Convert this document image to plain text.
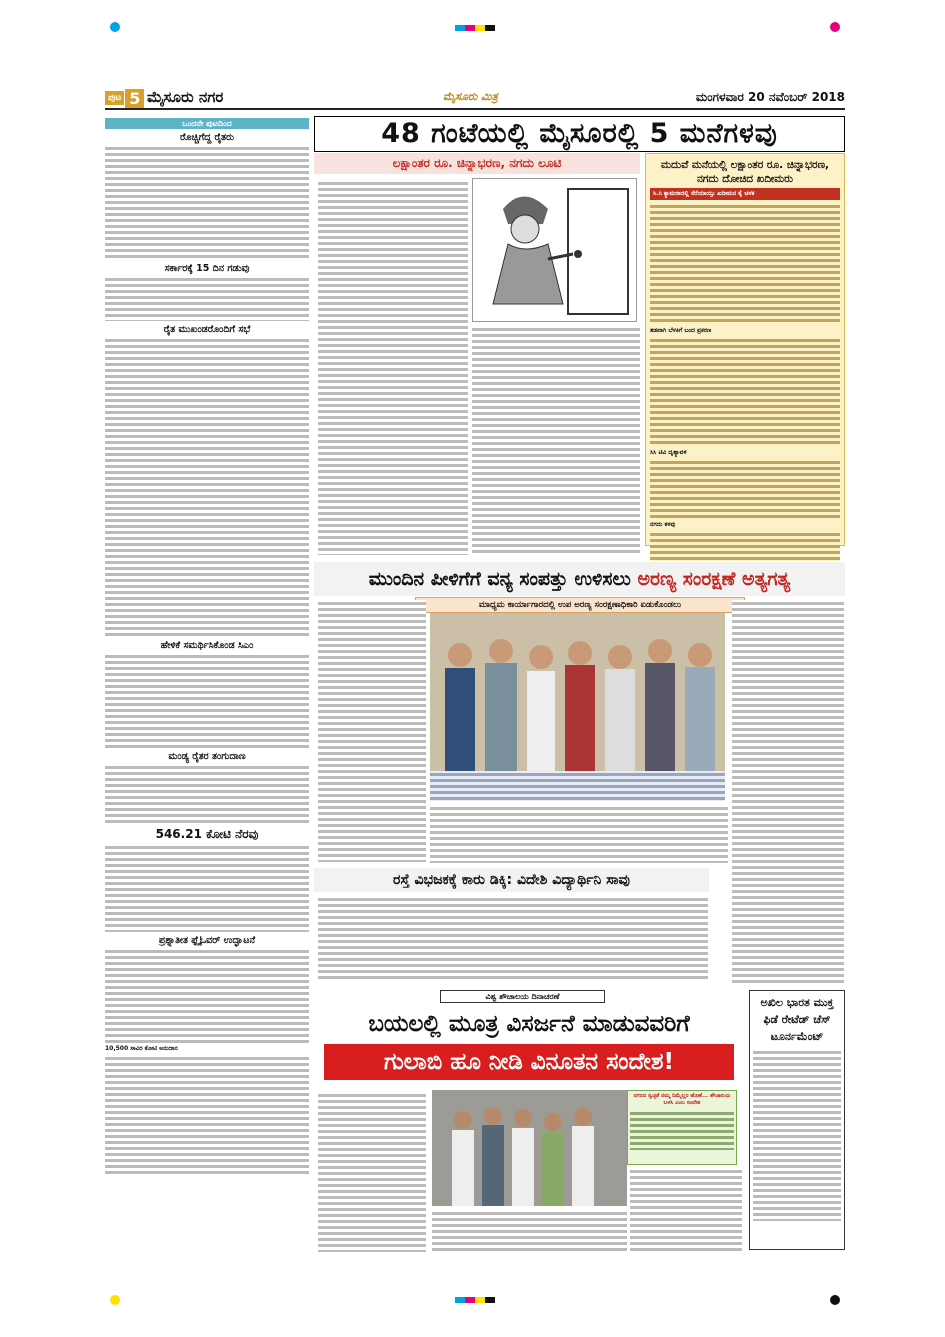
ಪುಟ 5 ಮೈಸೂರು ನಗರ	ಮೈಸೂರು ಮಿತ್ರ	ಮಂಗಳವಾರ 20 ನವೆಂಬರ್ 2018
ಒಂದನೇ ಪುಟದಿಂದ
ರೊಚ್ಚಿಗೆದ್ದ ರೈತರು
ಸರ್ಕಾರಕ್ಕೆ 15 ದಿನ ಗಡುವು
ರೈತ ಮುಖಂಡರೊಂದಿಗೆ ಸಭೆ
ಹೇಳಿಕೆ ಸಮರ್ಥಿಸಿಕೊಂಡ ಸಿಎಂ
ಮಂಡ್ಯ ರೈತರ ತಂಗುದಾಣ
546.21 ಕೋಟಿ ನೆರವು
ಪ್ರಶ್ನಾತೀತ ಫ್ಲೈಓವರ್ ಉದ್ಘಾಟನೆ
10,500 ಸಾವಿರ ಕೋಟಿ ಅನುದಾನ
48 ಗಂಟೆಯಲ್ಲಿ ಮೈಸೂರಲ್ಲಿ 5 ಮನೆಗಳವು
ಲಕ್ಷಾಂತರ ರೂ. ಚಿನ್ನಾಭರಣ, ನಗದು ಲೂಟಿ	ಮದುವೆ ಮನೆಯಲ್ಲಿ ಲಕ್ಷಾಂತರ ರೂ. ಚಿನ್ನಾಭರಣ, ನಗದು ದೋಚಿದ ಖದೀಮರು
ಸಿ.ಸಿ ಕ್ಯಾಮರಾದಲ್ಲಿ ಸೆರೆಯಾಯ್ತು ಖದೀಮನ ಕೈ ಚಳಕ
ತಡವಾಗಿ ಬೆಳಕಿಗೆ ಬಂದ ಪ್ರಕರಣ
ಸಿಸಿ ಟಿವಿ ದೃಶ್ಯಾವಳಿ
ನಗದು ಕಳವು
ಮುಂದಿನ ಪೀಳಿಗೆಗೆ ವನ್ಯ ಸಂಪತ್ತು ಉಳಿಸಲು ಅರಣ್ಯ ಸಂರಕ್ಷಣೆ ಅತ್ಯಗತ್ಯ
ಮಾಧ್ಯಮ ಕಾರ್ಯಾಗಾರದಲ್ಲಿ ಉಪ ಅರಣ್ಯ ಸಂರಕ್ಷಣಾಧಿಕಾರಿ ಏಡುಕೊಂಡಲು
ರಸ್ತೆ ವಿಭಜಕಕ್ಕೆ ಕಾರು ಡಿಕ್ಕಿ: ವಿದೇಶಿ ವಿದ್ಯಾರ್ಥಿನಿ ಸಾವು
ವಿಶ್ವ ಶೌಚಾಲಯ ದಿನಾಚರಣೆ
ಬಯಲಲ್ಲಿ ಮೂತ್ರ ವಿಸರ್ಜನೆ ಮಾಡುವವರಿಗೆ
ಗುಲಾಬಿ ಹೂ ನೀಡಿ ವಿನೂತನ ಸಂದೇಶ!
ನಗರದ ಸ್ವಚ್ಛತೆ ನಮ್ಮ ನಿಮ್ಮೆಲ್ಲರ ಹೊಣೆ... ಶೌಚಾಲಯ ಬಳಸಿ ಎಂಬ ಸಂದೇಶ
ಅಖಿಲ ಭಾರತ ಮುಕ್ತ ಫಿಡೆ ರೇಟೆಡ್ ಚೆಸ್ ಟೂರ್ನಮೆಂಟ್
